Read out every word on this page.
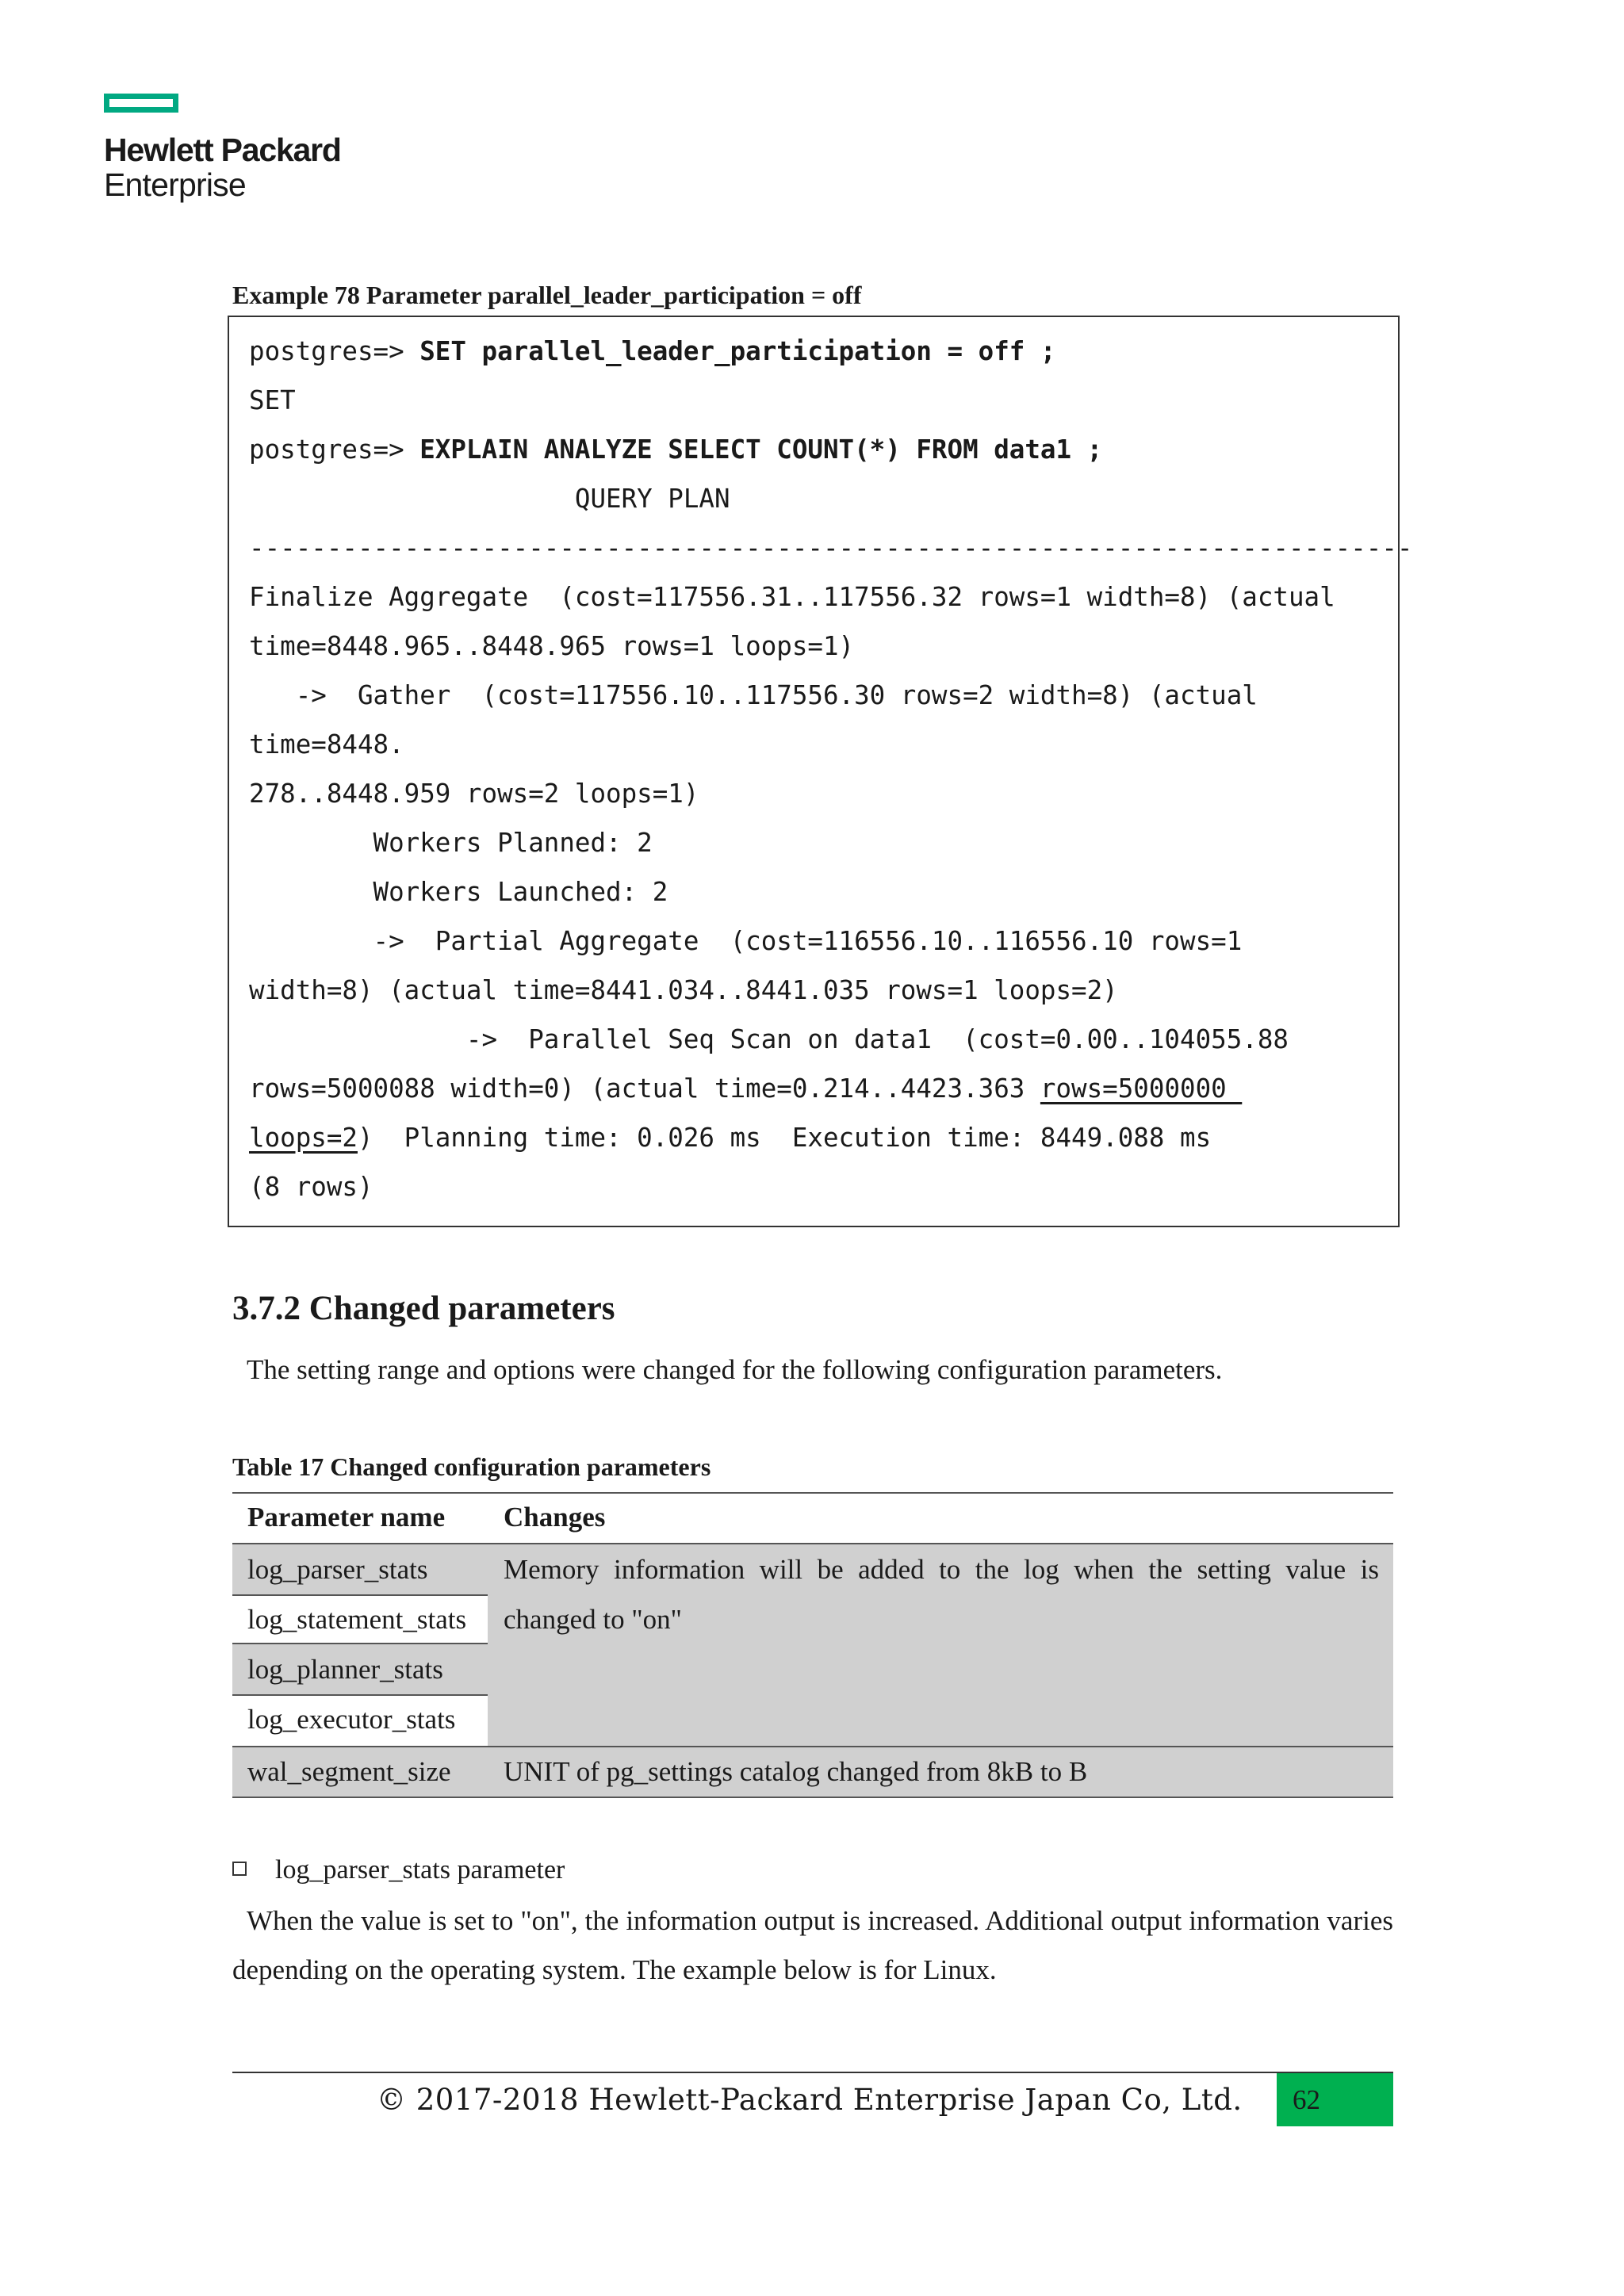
Hewlett Packard
Enterprise
Example 78 Parameter parallel_leader_participation = off
postgres=> SET parallel_leader_participation = off ;
SET
postgres=> EXPLAIN ANALYZE SELECT COUNT(*) FROM data1 ;
QUERY PLAN
---------------------------------------------------------------------------
Finalize Aggregate  (cost=117556.31..117556.32 rows=1 width=8) (actual
time=8448.965..8448.965 rows=1 loops=1)
->  Gather  (cost=117556.10..117556.30 rows=2 width=8) (actual
time=8448.
278..8448.959 rows=2 loops=1)
Workers Planned: 2
Workers Launched: 2
->  Partial Aggregate  (cost=116556.10..116556.10 rows=1
width=8) (actual time=8441.034..8441.035 rows=1 loops=2)
->  Parallel Seq Scan on data1  (cost=0.00..104055.88
rows=5000088 width=0) (actual time=0.214..4423.363 rows=5000000
loops=2)  Planning time: 0.026 ms  Execution time: 8449.088 ms
(8 rows)
3.7.2 Changed parameters
The setting range and options were changed for the following configuration parameters.
Table 17 Changed configuration parameters
Parameter name	Changes
log_parser_stats
log_statement_stats
log_planner_stats
log_executor_stats
Memory information will be added to the log when the setting value is changed to "on"
wal_segment_size	UNIT of pg_settings catalog changed from 8kB to B
log_parser_stats parameter
When the value is set to "on", the information output is increased. Additional output information varies depending on the operating system. The example below is for Linux.
© 2017-2018 Hewlett-Packard Enterprise Japan Co, Ltd. 62
